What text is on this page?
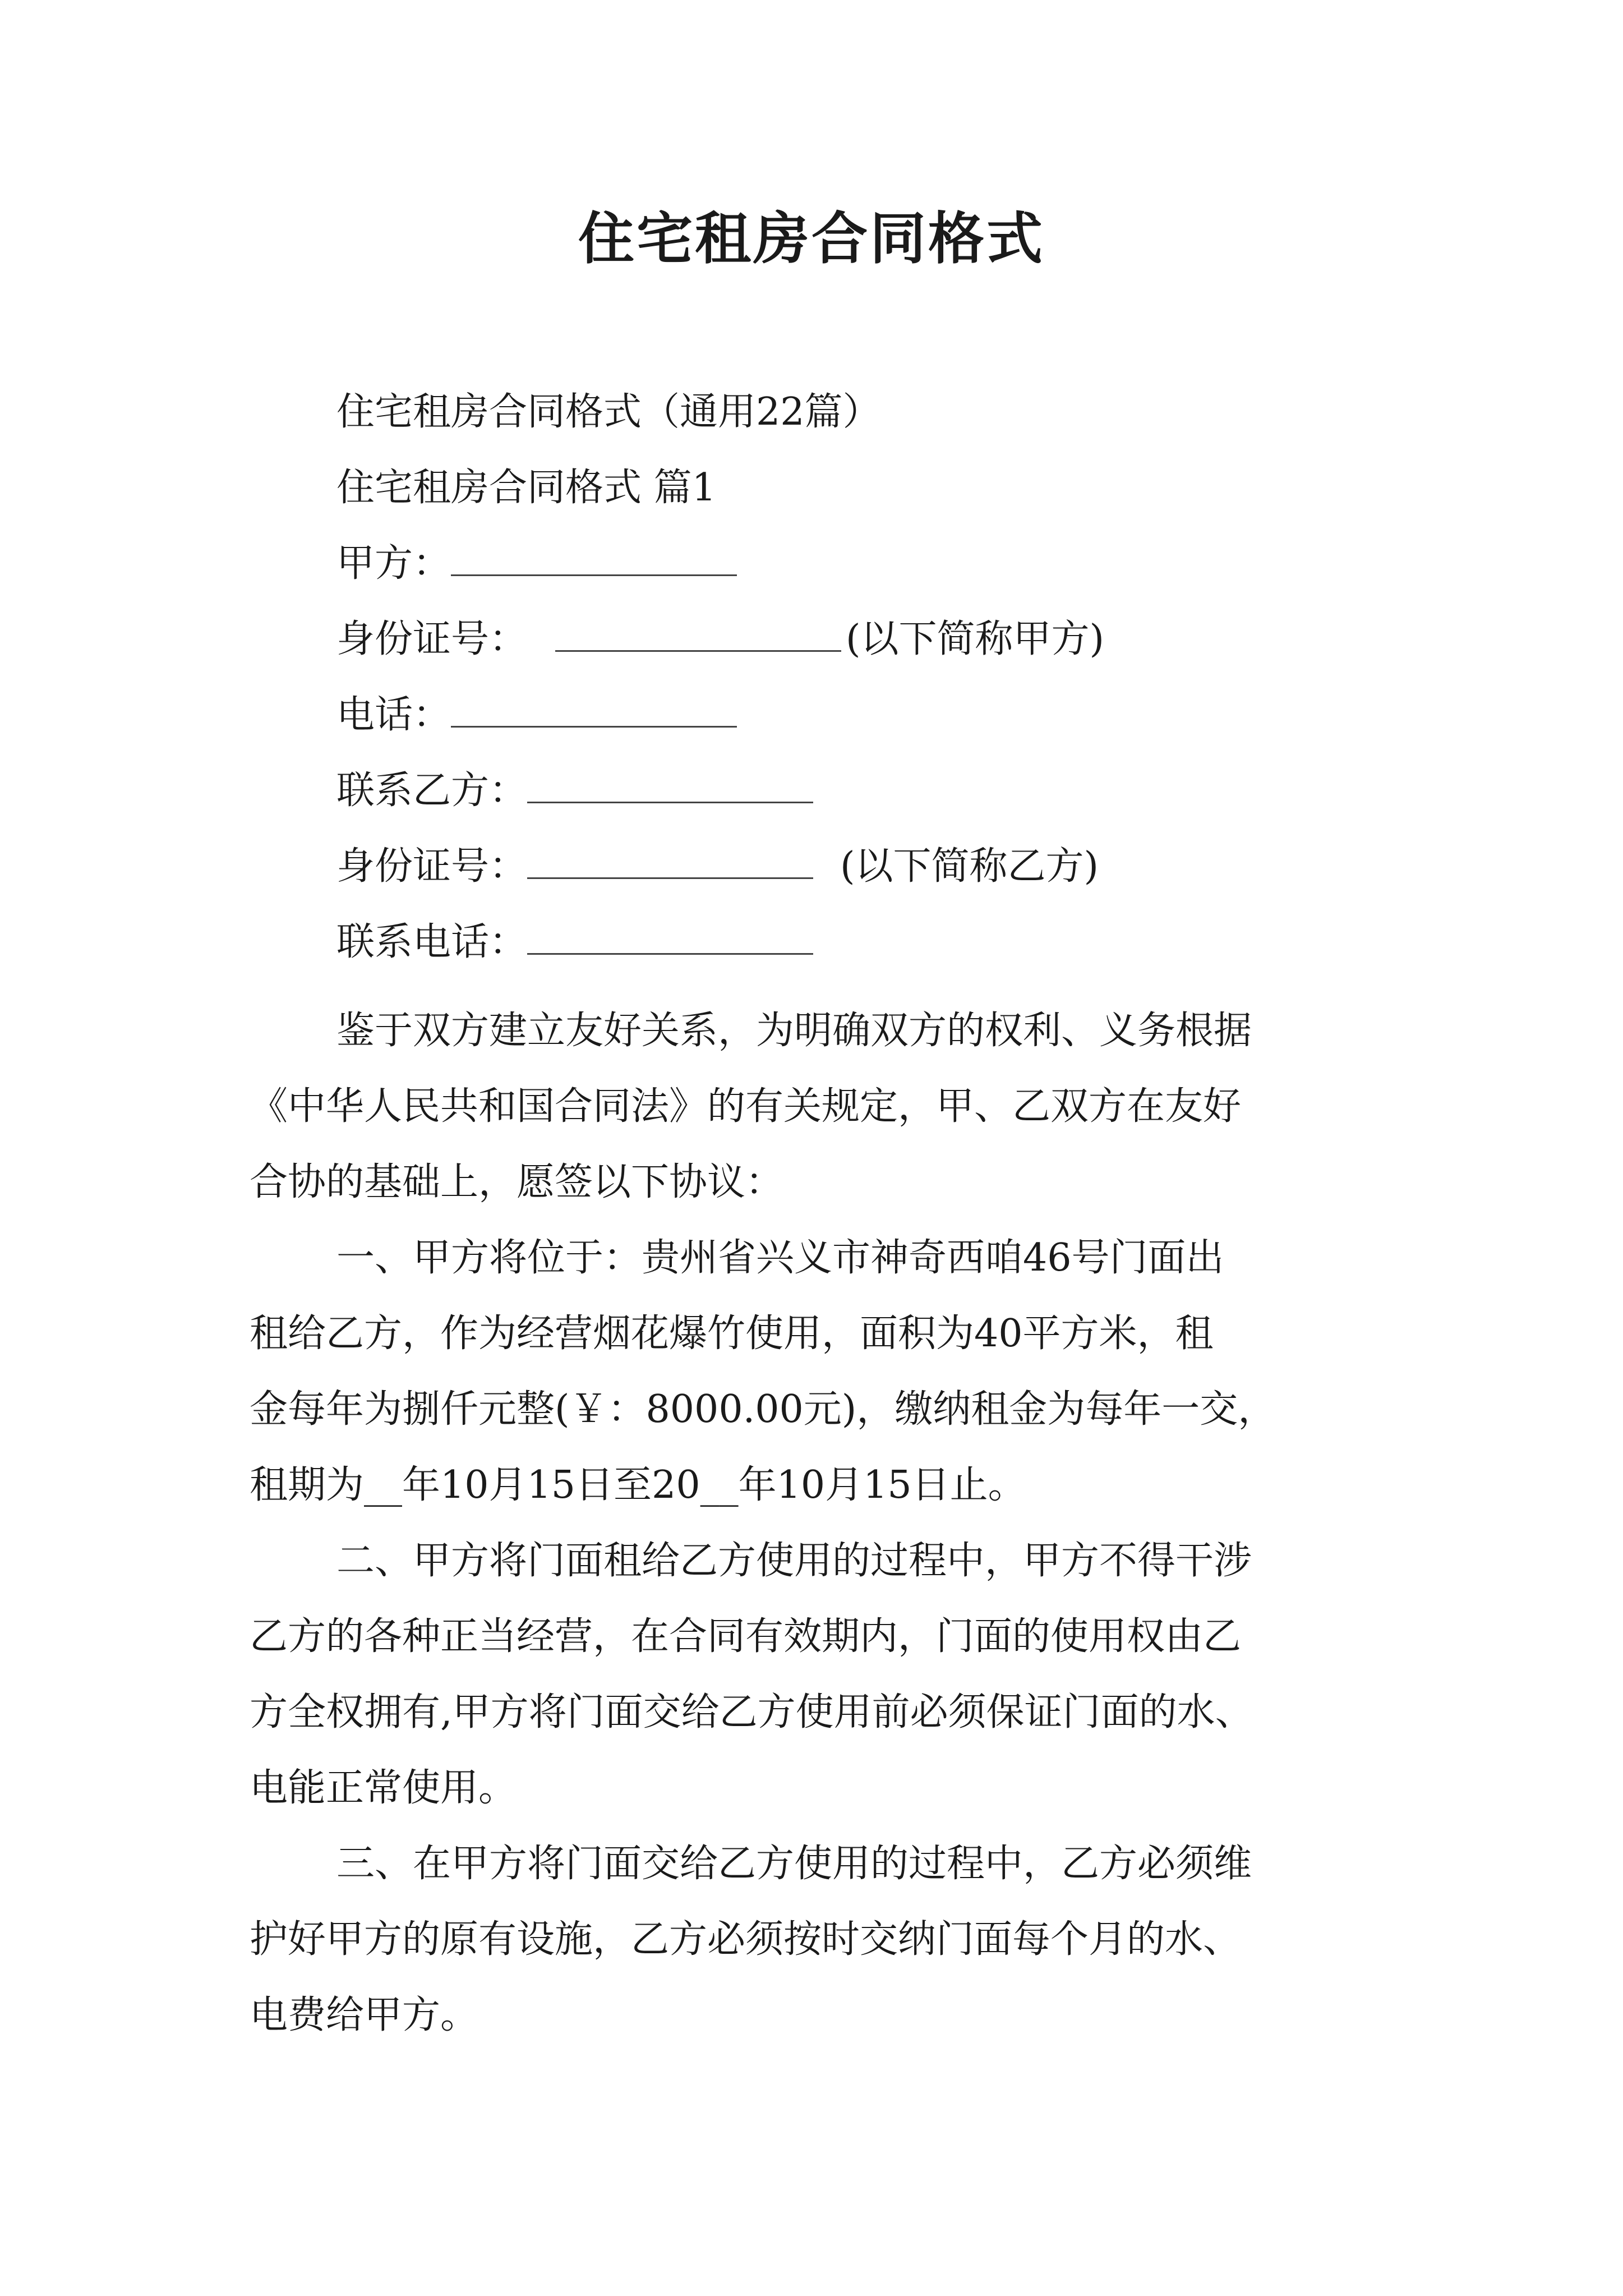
住宅租房合同格式
住宅租房合同格式（通用22篇）
住宅租房合同格式 篇1
甲方：
身份证号：	(以下简称甲方)
电话：
联系乙方：
身份证号：	(以下简称乙方)
联系电话：
鉴于双方建立友好关系，为明确双方的权利、义务根据
《中华人民共和国合同法》的有关规定，甲、乙双方在友好
合协的基础上，愿签以下协议：
一、甲方将位于：贵州省兴义市神奇西咱46号门面出
租给乙方，作为经营烟花爆竹使用，面积为40平方米，租
金每年为捌仟元整(￥：8000.00元)，缴纳租金为每年一交，
租期为__年10月15日至20__年10月15日止。
二、甲方将门面租给乙方使用的过程中，甲方不得干涉
乙方的各种正当经营，在合同有效期内，门面的使用权由乙
方全权拥有,甲方将门面交给乙方使用前必须保证门面的水、
电能正常使用。
三、在甲方将门面交给乙方使用的过程中，乙方必须维
护好甲方的原有设施，乙方必须按时交纳门面每个月的水、
电费给甲方。
